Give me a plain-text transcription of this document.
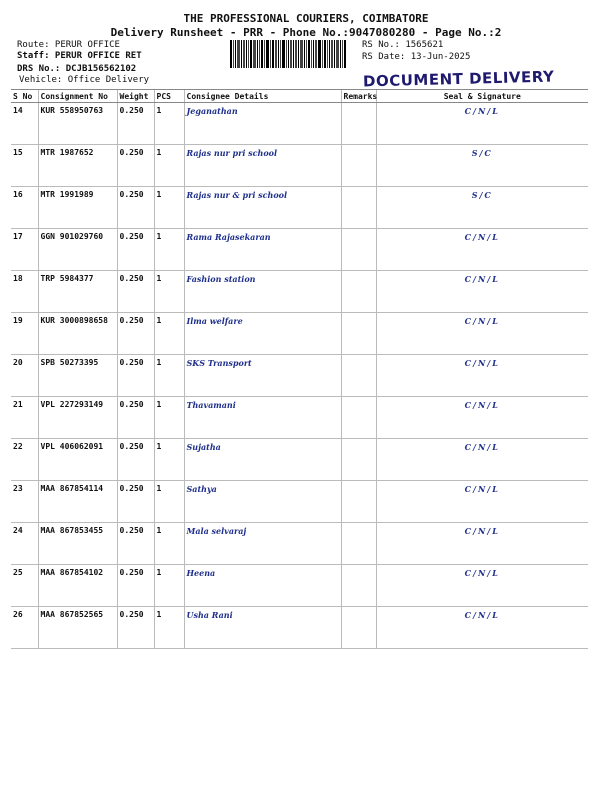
THE PROFESSIONAL COURIERS, COIMBATORE
Delivery Runsheet - PRR - Phone No.:9047080280 - Page No.:2
Route: PERUR OFFICE
Staff: PERUR OFFICE RET
DRS No.: DCJB156562102
Vehicle: Office Delivery
RS No.: 1565621
RS Date: 13-Jun-2025
DOCUMENT DELIVERY
S No	Consignment No	Weight	PCS	Consignee Details	Remarks	Seal & Signature
14	KUR 558950763	0.250	1	Jeganathan		C/N/L
15	MTR 1987652	0.250	1	Rajas nur pri school		S/C
16	MTR 1991989	0.250	1	Rajas nur & pri school		S/C
17	GGN 901029760	0.250	1	Rama Rajasekaran		C/N/L
18	TRP 5984377	0.250	1	Fashion station		C/N/L
19	KUR 3000898658	0.250	1	Ilma welfare		C/N/L
20	SPB 50273395	0.250	1	SKS Transport		C/N/L
21	VPL 227293149	0.250	1	Thavamani		C/N/L
22	VPL 406062091	0.250	1	Sujatha		C/N/L
23	MAA 867854114	0.250	1	Sathya		C/N/L
24	MAA 867853455	0.250	1	Mala selvaraj		C/N/L
25	MAA 867854102	0.250	1	Heena		C/N/L
26	MAA 867852565	0.250	1	Usha Rani		C/N/L
